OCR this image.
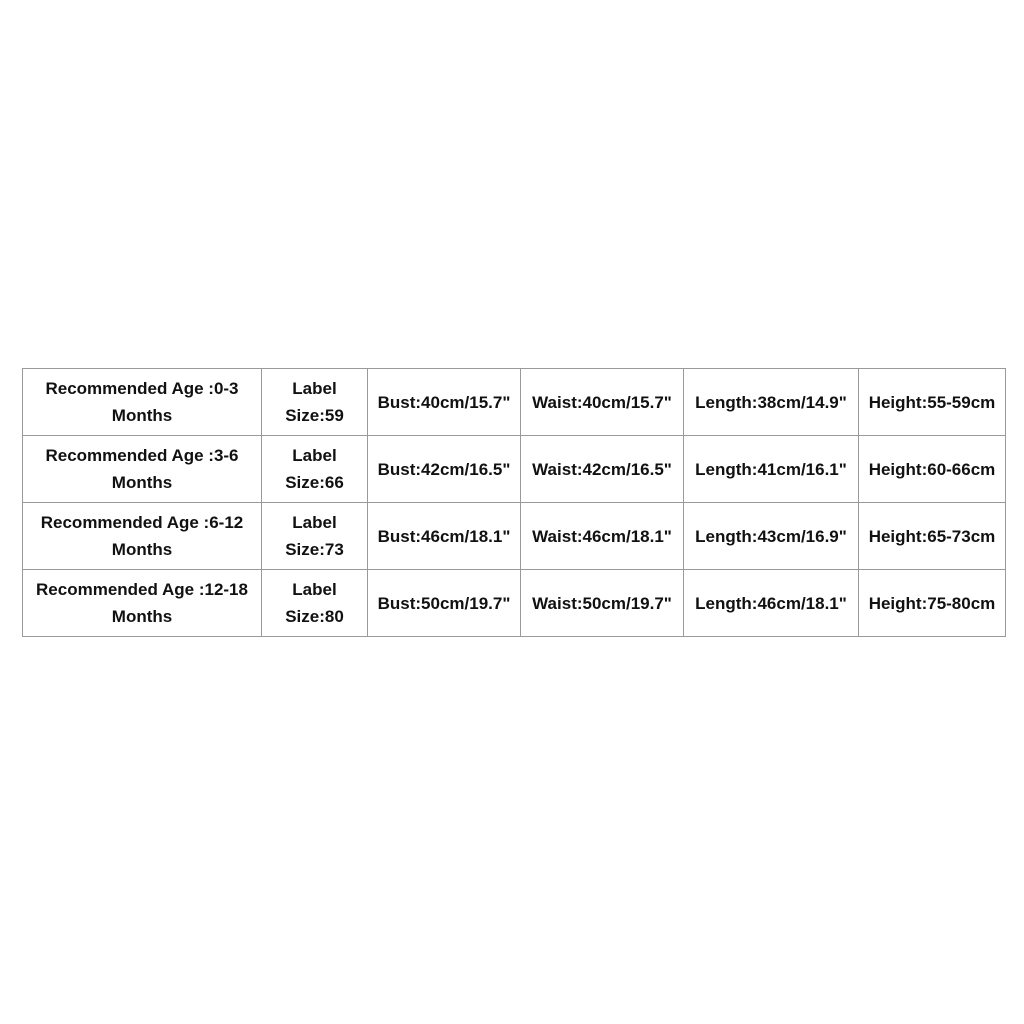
Recommended Age :0-3
Months	Label
Size:59	Bust:40cm/15.7"	Waist:40cm/15.7"	Length:38cm/14.9"	Height:55-59cm

Recommended Age :3-6
Months	Label
Size:66	Bust:42cm/16.5"	Waist:42cm/16.5"	Length:41cm/16.1"	Height:60-66cm

Recommended Age :6-12
Months	Label
Size:73	Bust:46cm/18.1"	Waist:46cm/18.1"	Length:43cm/16.9"	Height:65-73cm

Recommended Age :12-18
Months	Label
Size:80	Bust:50cm/19.7"	Waist:50cm/19.7"	Length:46cm/18.1"	Height:75-80cm
